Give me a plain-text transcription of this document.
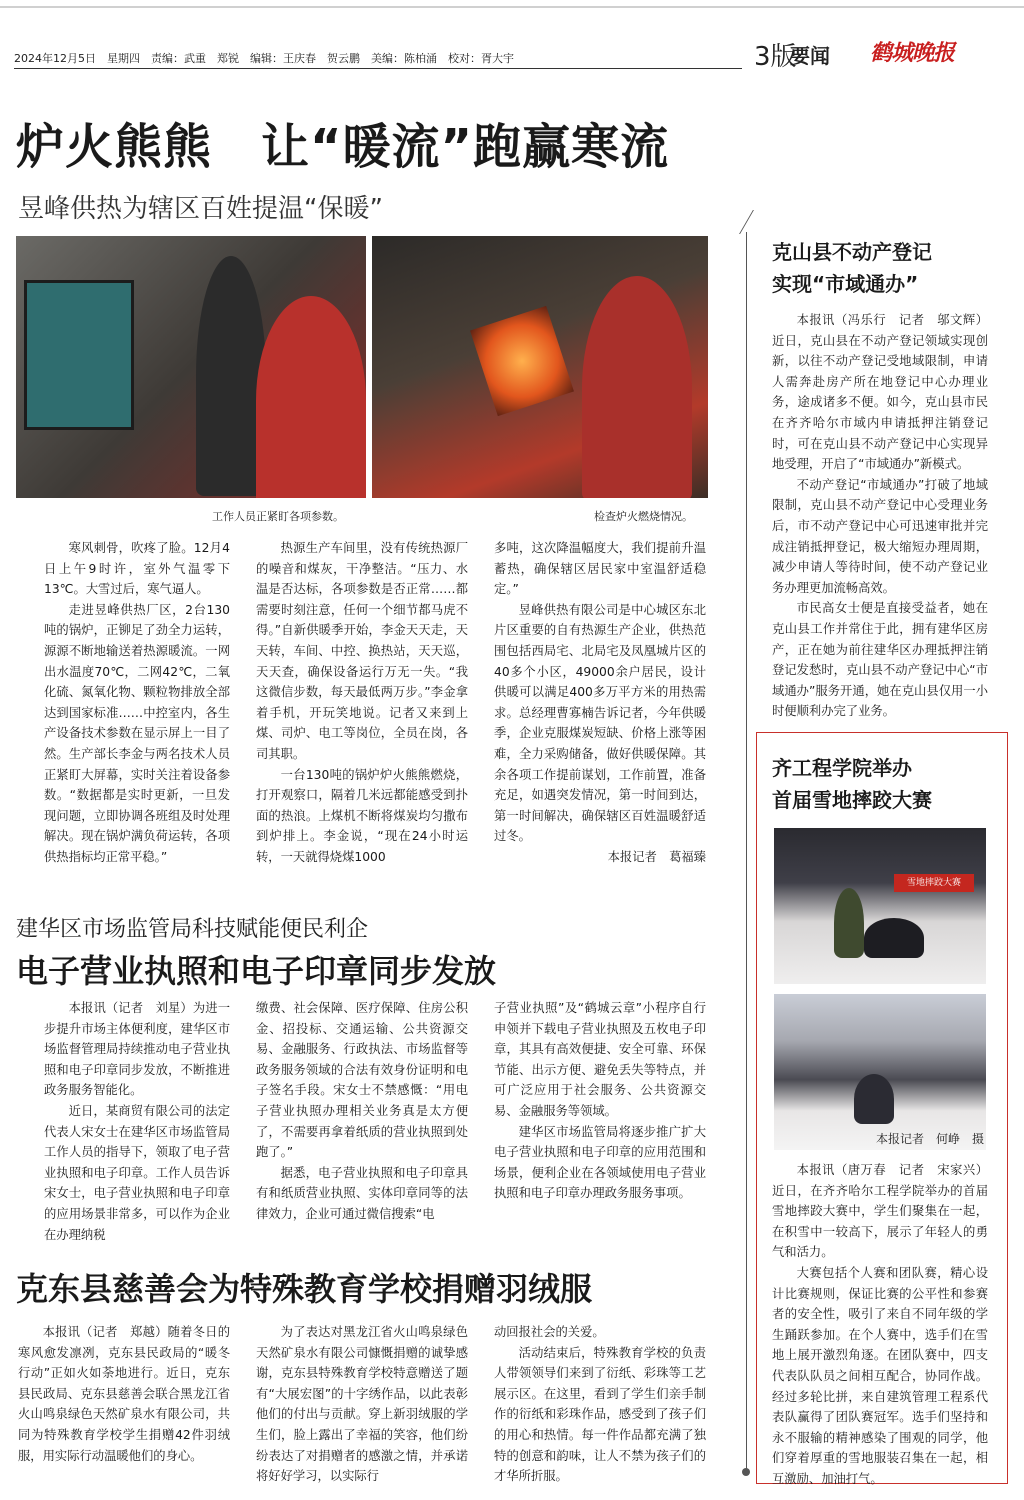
2024年12月5日　星期四　责编：武重　郑锐　编辑：王庆春　贺云鹏　美编：陈柏涌　校对：胥大宇	3版
要闻 鹤城晚报
炉火熊熊　让“暖流”跑赢寒流
昱峰供热为辖区百姓提温“保暖”
工作人员正紧盯各项参数。	检查炉火燃烧情况。

寒风刺骨，吹疼了脸。12月4日上午9时许，室外气温零下13℃。大雪过后，寒气逼人。

走进昱峰供热厂区，2台130吨的锅炉，正铆足了劲全力运转，源源不断地输送着热源暖流。一网出水温度70℃，二网42℃，二氧化硫、氮氧化物、颗粒物排放全部达到国家标准……中控室内，各生产设备技术参数在显示屏上一目了然。生产部长李金与两名技术人员正紧盯大屏幕，实时关注着设备参数。“数据都是实时更新，一旦发现问题，立即协调各班组及时处理解决。现在锅炉满负荷运转，各项供热指标均正常平稳。”

热源生产车间里，没有传统热源厂的噪音和煤灰，干净整洁。“压力、水温是否达标，各项参数是否正常……都需要时刻注意，任何一个细节都马虎不得。”自新供暖季开始，李金天天走，天天转，车间、中控、换热站，天天巡，天天查，确保设备运行万无一失。“我这微信步数，每天最低两万步。”李金拿着手机，开玩笑地说。记者又来到上煤、司炉、电工等岗位，全员在岗，各司其职。

一台130吨的锅炉炉火熊熊燃烧，打开观察口，隔着几米远都能感受到扑面的热浪。上煤机不断将煤炭均匀撒布到炉排上。李金说，“现在24小时运转，一天就得烧煤1000

多吨，这次降温幅度大，我们提前升温蓄热，确保辖区居民家中室温舒适稳定。”

昱峰供热有限公司是中心城区东北片区重要的自有热源生产企业，供热范围包括西局宅、北局宅及凤凰城片区的40多个小区，49000余户居民，设计供暖可以满足400多万平方米的用热需求。总经理曹寡楠告诉记者，今年供暖季，企业克服煤炭短缺、价格上涨等困难，全力采购储备，做好供暖保障。其余各项工作提前谋划，工作前置，准备充足，如遇突发情况，第一时间到达，第一时间解决，确保辖区百姓温暖舒适过冬。

本报记者　葛福臻

建华区市场监管局科技赋能便民利企
电子营业执照和电子印章同步发放

本报讯（记者　刘星）为进一步提升市场主体便利度，建华区市场监督管理局持续推动电子营业执照和电子印章同步发放，不断推进政务服务智能化。

近日，某商贸有限公司的法定代表人宋女士在建华区市场监管局工作人员的指导下，领取了电子营业执照和电子印章。工作人员告诉宋女士，电子营业执照和电子印章的应用场景非常多，可以作为企业在办理纳税

缴费、社会保障、医疗保障、住房公积金、招投标、交通运输、公共资源交易、金融服务、行政执法、市场监督等政务服务领域的合法有效身份证明和电子签名手段。宋女士不禁感慨：“用电子营业执照办理相关业务真是太方便了，不需要再拿着纸质的营业执照到处跑了。”

据悉，电子营业执照和电子印章具有和纸质营业执照、实体印章同等的法律效力，企业可通过微信搜索“电

子营业执照”及“鹤城云章”小程序自行申领并下载电子营业执照及五枚电子印章，其具有高效便捷、安全可靠、环保节能、出示方便、避免丢失等特点，并可广泛应用于社会服务、公共资源交易、金融服务等领域。

建华区市场监管局将逐步推广扩大电子营业执照和电子印章的应用范围和场景，便利企业在各领域使用电子营业执照和电子印章办理政务服务事项。

克东县慈善会为特殊教育学校捐赠羽绒服

本报讯（记者　郑越）随着冬日的寒风愈发凛冽，克东县民政局的“暖冬行动”正如火如荼地进行。近日，克东县民政局、克东县慈善会联合黑龙江省火山鸣泉绿色天然矿泉水有限公司，共同为特殊教育学校学生捐赠42件羽绒服，用实际行动温暖他们的身心。

为了表达对黑龙江省火山鸣泉绿色天然矿泉水有限公司慷慨捐赠的诚挚感谢，克东县特殊教育学校特意赠送了题有“大展宏图”的十字绣作品，以此表彰他们的付出与贡献。穿上新羽绒服的学生们，脸上露出了幸福的笑容，他们纷纷表达了对捐赠者的感激之情，并承诺将好好学习，以实际行

动回报社会的关爱。

活动结束后，特殊教育学校的负责人带领领导们来到了衍纸、彩珠等工艺展示区。在这里，看到了学生们亲手制作的衍纸和彩珠作品，感受到了孩子们的用心和热情。每一件作品都充满了独特的创意和韵味，让人不禁为孩子们的才华所折服。

克山县不动产登记
实现“市域通办”

本报讯（冯乐行　记者　邬文辉）近日，克山县在不动产登记领域实现创新，以往不动产登记受地域限制，申请人需奔赴房产所在地登记中心办理业务，途成诸多不便。如今，克山县市民在齐齐哈尔市域内申请抵押注销登记时，可在克山县不动产登记中心实现异地受理，开启了“市域通办”新模式。

不动产登记“市域通办”打破了地域限制，克山县不动产登记中心受理业务后，市不动产登记中心可迅速审批并完成注销抵押登记，极大缩短办理周期，减少申请人等待时间，使不动产登记业务办理更加流畅高效。

市民高女士便是直接受益者，她在克山县工作并常住于此，拥有建华区房产，正在她为前往建华区办理抵押注销登记发愁时，克山县不动产登记中心“市域通办”服务开通，她在克山县仅用一小时便顺利办完了业务。

齐工程学院举办
首届雪地摔跤大赛
雪地摔跤大赛
本报记者　何峥　摄

本报讯（唐万春　记者　宋家兴）近日，在齐齐哈尔工程学院举办的首届雪地摔跤大赛中，学生们聚集在一起，在积雪中一较高下，展示了年轻人的勇气和活力。

大赛包括个人赛和团队赛，精心设计比赛规则，保证比赛的公平性和参赛者的安全性，吸引了来自不同年级的学生踊跃参加。在个人赛中，选手们在雪地上展开激烈角逐。在团队赛中，四支代表队队员之间相互配合，协同作战。经过多轮比拼，来自建筑管理工程系代表队赢得了团队赛冠军。选手们坚持和永不服输的精神感染了围观的同学，他们穿着厚重的雪地服装召集在一起，相互激励、加油打气。
